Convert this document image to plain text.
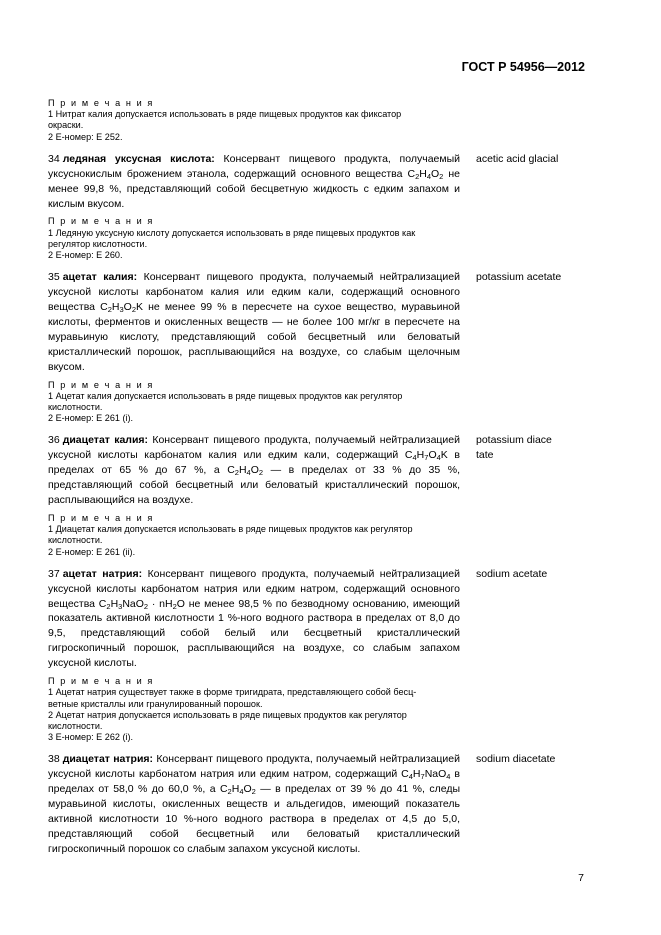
ГОСТ Р 54956—2012
П р и м е ч а н и я
1 Нитрат калия допускается использовать в ряде пищевых продуктов как фиксатор
окраски.
2 Е-номер: Е 252.
34 ледяная уксусная кислота: Консервант пищевого продукта, получаемый уксуснокислым брожением этанола, содержащий основного вещества $C_2H_4O_2$ не менее 99,8 %, представляющий собой бесцветную жидкость с едким запахом и кислым вкусом.
acetic acid glacial
П р и м е ч а н и я
1 Ледяную уксусную кислоту допускается использовать в ряде пищевых продуктов как
регулятор кислотности.
2 Е-номер: Е 260.
35 ацетат калия: Консервант пищевого продукта, получаемый нейтрализацией уксусной кислоты карбонатом калия или едким кали, содержащий основного вещества $C_2H_3O_2K$ не менее 99 % в пересчете на сухое вещество, муравьиной кислоты, ферментов и окисленных веществ — не более 100 мг/кг в пересчете на муравьиную кислоту, представляющий собой бесцветный или беловатый кристаллический порошок, расплывающийся на воздухе, со слабым щелочным вкусом.
potassium acetate
П р и м е ч а н и я
1 Ацетат калия допускается использовать в ряде пищевых продуктов как регулятор
кислотности.
2 Е-номер: Е 261 (i).
36 диацетат калия: Консервант пищевого продукта, получаемый нейтрализацией уксусной кислоты карбонатом калия или едким кали, содержащий $C_4H_7O_4K$ в пределах от 65 % до 67 %, а $C_2H_4O_2$ — в пределах от 33 % до 35 %, представляющий собой бесцветный или беловатый кристаллический порошок, расплывающийся на воздухе.
potassium diace
tate
П р и м е ч а н и я
1 Диацетат калия допускается использовать в ряде пищевых продуктов как регулятор
кислотности.
2 Е-номер: Е 261 (ii).
37 ацетат натрия: Консервант пищевого продукта, получаемый нейтрализацией уксусной кислоты карбонатом натрия или едким натром, содержащий основного вещества $C_2H_3NaO_2 \cdot nH_2O$ не менее 98,5 % по безводному основанию, имеющий показатель активной кислотности 1 %-ного водного раствора в пределах от 8,0 до 9,5, представляющий собой белый или бесцветный кристаллический гигроскопичный порошок, расплывающийся на воздухе, со слабым запахом уксусной кислоты.
sodium acetate
П р и м е ч а н и я
1 Ацетат натрия существует также в форме тригидрата, представляющего собой бесц-
ветные кристаллы или гранулированный порошок.
2 Ацетат натрия допускается использовать в ряде пищевых продуктов как регулятор
кислотности.
3 Е-номер: Е 262 (i).
38 диацетат натрия: Консервант пищевого продукта, получаемый нейтрализацией уксусной кислоты карбонатом натрия или едким натром, содержащий $C_4H_7NaO_4$ в пределах от 58,0 % до 60,0 %, а $C_2H_4O_2$ — в пределах от 39 % до 41 %, следы муравьиной кислоты, окисленных веществ и альдегидов, имеющий показатель активной кислотности 10 %-ного водного раствора в пределах от 4,5 до 5,0, представляющий собой бесцветный или беловатый кристаллический гигроскопичный порошок со слабым запахом уксусной кислоты.
sodium diacetate
7
